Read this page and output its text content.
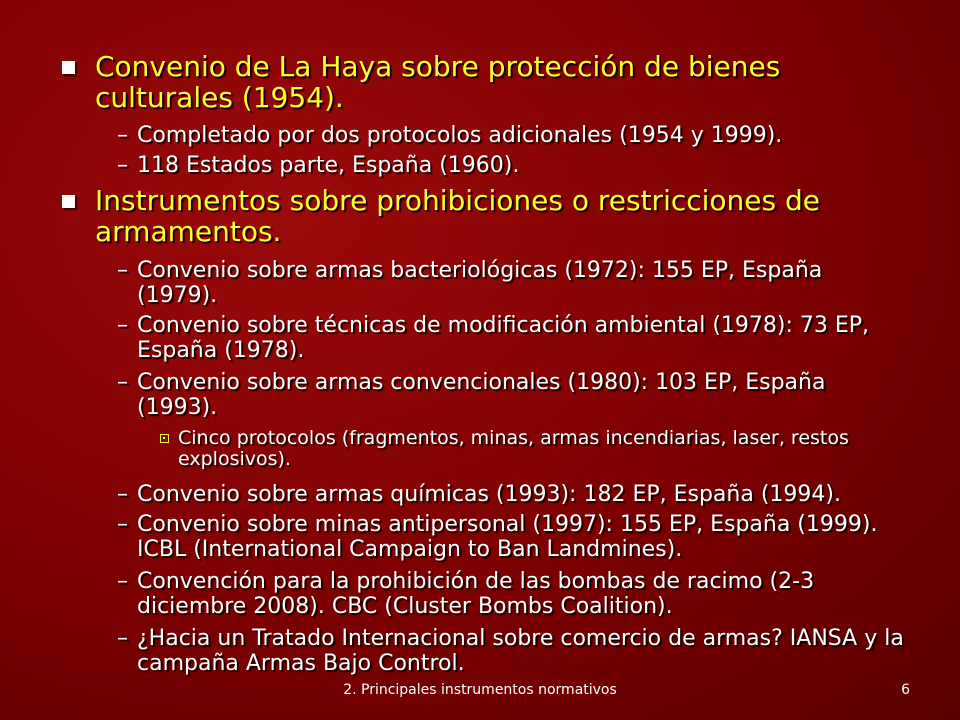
Convenio de La Haya sobre protección de bienes culturales (1954).
– Completado por dos protocolos adicionales (1954 y 1999).
– 118 Estados parte, España (1960).
Instrumentos sobre prohibiciones o restricciones de armamentos.
– Convenio sobre armas bacteriológicas (1972): 155 EP, España (1979).
– Convenio sobre técnicas de modificación ambiental (1978): 73 EP, España (1978).
– Convenio sobre armas convencionales (1980): 103 EP, España (1993).
Cinco protocolos (fragmentos, minas, armas incendiarias, laser, restos explosivos).
– Convenio sobre armas químicas (1993): 182 EP, España (1994).
– Convenio sobre minas antipersonal (1997): 155 EP, España (1999). ICBL (International Campaign to Ban Landmines).
– Convención para la prohibición de las bombas de racimo (2-3 diciembre 2008). CBC (Cluster Bombs Coalition).
– ¿Hacia un Tratado Internacional sobre comercio de armas? IANSA y la campaña Armas Bajo Control.
2. Principales instrumentos normativos	6
